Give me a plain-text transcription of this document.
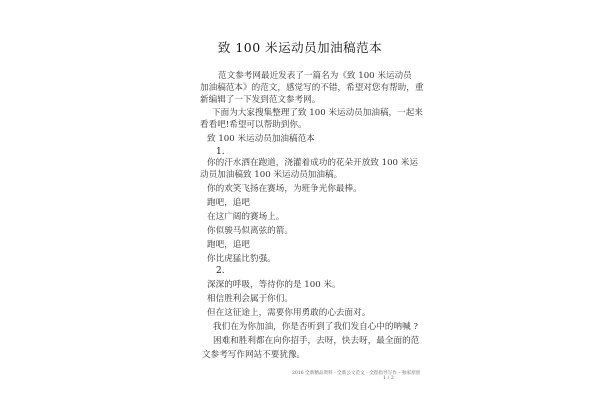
致 100 米运动员加油稿范本
范文参考网最近发表了一篇名为《致 100 米运动员
加油稿范本》的范文，感觉写的不错，希望对您有帮助，重
新编辑了一下发到范文参考网。
下面为大家搜集整理了致 100 米运动员加油稿，一起来
看看吧!希望可以帮助到你。
致 100 米运动员加油稿范本
1.
你的汗水洒在跑道，浇灌着成功的花朵开放致 100 米运
动员加油稿致 100 米运动员加油稿。
你的欢笑飞扬在赛场，为班争光你最棒。
跑吧，追吧
在这广阔的赛场上。
你似骏马似离弦的箭。
跑吧，追吧
你比虎猛比豹强。
2.
深深的呼吸，等待你的是 100 米。
相信胜利会属于你们。
但在这征途上，需要你用勇敢的心去面对。
我们在为你加油，你是否听到了我们发自心中的呐喊 ?
困难和胜利都在向你招手，去呀，快去呀，最全面的范
文参考写作网站不要犹豫。
2016 全新精品资料 - 全新公文范文 - 全程指导写作 – 独家原创
1 / 2
